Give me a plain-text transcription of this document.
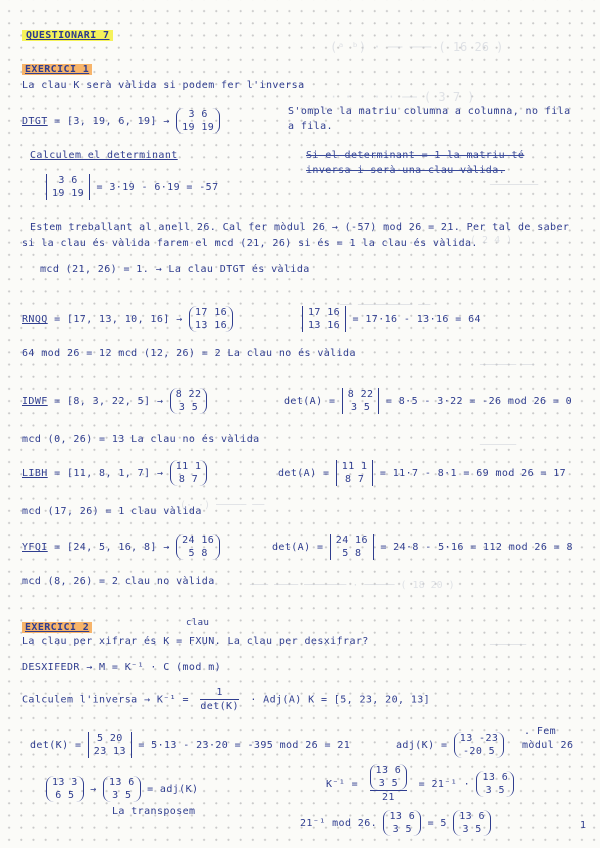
(ᵃ ᵇ) · ── ─── ( 16 26 )
· · · · · ── ( 3 7 )
────────
( 2 4 )
── ───────── ──
────── ──
──────
(· ·) ───── ──
─── ──── ─────── · ───── ( 18 20 )
──────
QUESTIONARI 7
EXERCICI 1
La clau K serà vàlida si podem fer l'inversa
DTGT = [3, 19, 6, 19] →
3 6
19 19
S'omple la matriu columna a columna, no fila
a fila.
Calculem el determinant	Si el determinant = 1 la matriu té
inversa i serà una clau vàlida.
3 6
19 19
= 3·19 - 6·19 = -57
Estem treballant al anell 26. Cal fer mòdul 26 → (-57) mod 26 = 21. Per tal de saber
si la clau és vàlida farem el mcd (21, 26) si és = 1 la clau és vàlida.
mcd (21, 26) = 1. → La clau DTGT és vàlida
RNQQ = [17, 13, 10, 16] →
17 16
13 16
17 16
13 16
= 17·16 - 13·16 = 64
64 mod 26 = 12 mcd (12, 26) = 2 La clau no és vàlida
IDWF = [8, 3, 22, 5] →
8 22
3 5
det(A) =
8 22
3 5
= 8·5 - 3·22 = -26 mod 26 = 0
mcd (0, 26) = 13 La clau no és vàlida
LIBH = [11, 8, 1, 7] →
11 1
8 7
det(A) =
11 1
8 7
= 11·7 - 8·1 = 69 mod 26 = 17
mcd (17, 26) = 1 clau vàlida
YFQI = [24, 5, 16, 8] →
24 16
5 8
det(A) =
24 16
5 8
= 24·8 - 5·16 = 112 mod 26 = 8
mcd (8, 26) = 2 clau no vàlida
EXERCICI 2	clau
La clau per xifrar és K = FXUN. La clau per desxifrar?
DESXIFEDR → M = K⁻¹ · C (mod m)
Calculem l'inversa → K⁻¹ =
1
det(K)
· Adj(A) K = [5, 23, 20, 13]
det(K) =
5 20
23 13
= 5·13 - 23·20 = -395 mod 26 = 21	adj(K) =
13 -23
-20 5
. Fem
mòdul 26
13 3
6 5
→
13 6
3 5
= adj(K)
La transposem
K⁻¹ = 13 6
3 5
21 = 21⁻¹ ·
13 6
3 5
21⁻¹ mod 26.
13 6
3 5
= 5
13 6
3 5	1
